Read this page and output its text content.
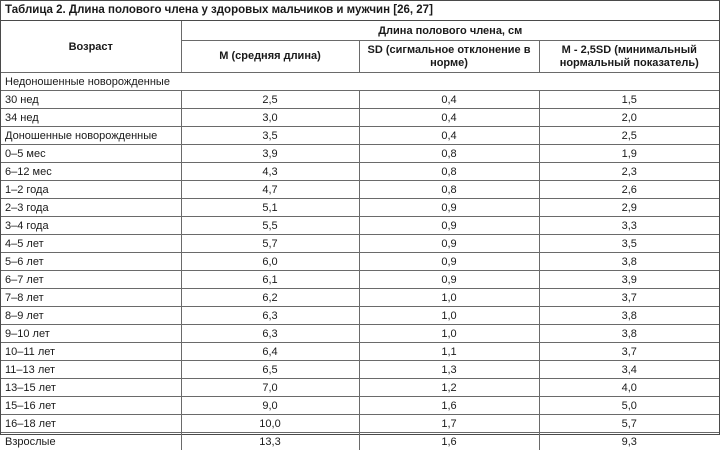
Таблица 2. Длина полового члена у здоровых мальчиков и мужчин [26, 27]
Возраст	Длина полового члена, см		
	M (средняя длина)	SD (сигмальное отклонение в норме)	M - 2,5SD (минимальный нормальный показатель)
Недоношенные новорожденные			
30 нед	2,5	0,4	1,5
34 нед	3,0	0,4	2,0
Доношенные новорожденные	3,5	0,4	2,5
0–5 мес	3,9	0,8	1,9
6–12 мес	4,3	0,8	2,3
1–2 года	4,7	0,8	2,6
2–3 года	5,1	0,9	2,9
3–4 года	5,5	0,9	3,3
4–5 лет	5,7	0,9	3,5
5–6 лет	6,0	0,9	3,8
6–7 лет	6,1	0,9	3,9
7–8 лет	6,2	1,0	3,7
8–9 лет	6,3	1,0	3,8
9–10 лет	6,3	1,0	3,8
10–11 лет	6,4	1,1	3,7
11–13 лет	6,5	1,3	3,4
13–15 лет	7,0	1,2	4,0
15–16 лет	9,0	1,6	5,0
16–18 лет	10,0	1,7	5,7
Взрослые	13,3	1,6	9,3
